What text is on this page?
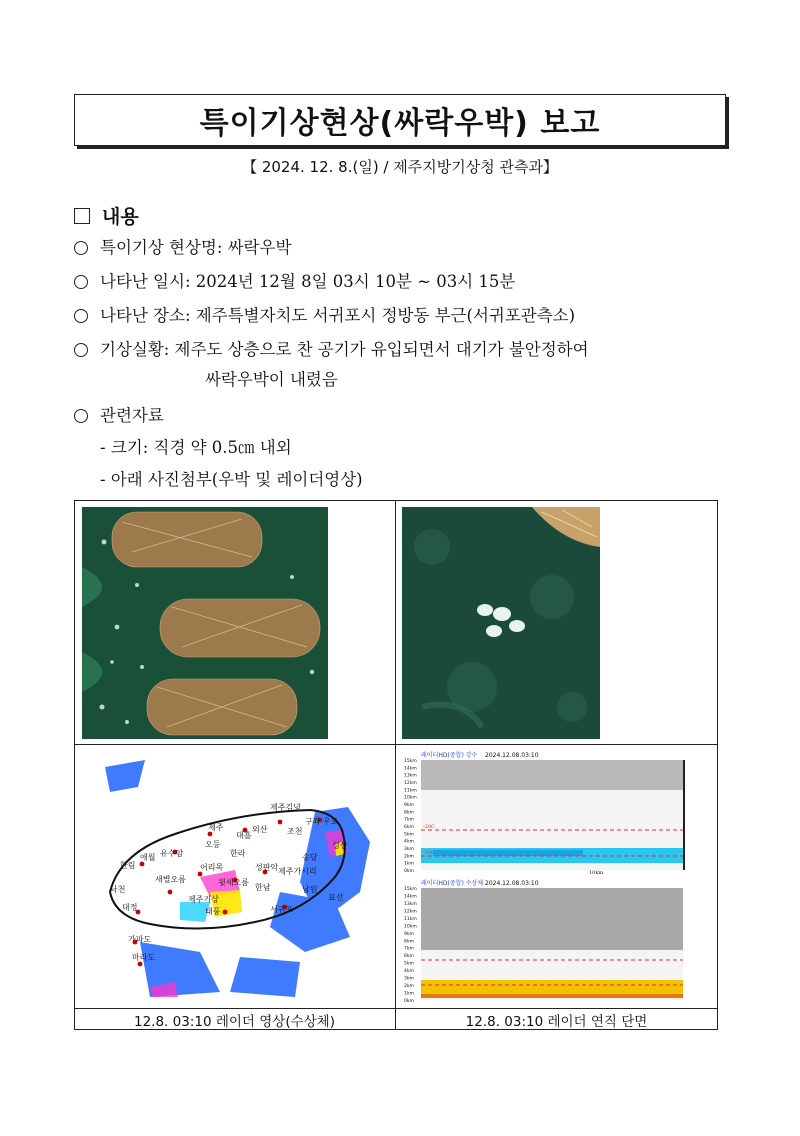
특이기상현상(싸락우박) 보고
【 2024. 12. 8.(일) / 제주지방기상청 관측과】
내용
특이기상 현상명: 싸락우박
나타난 일시: 2024년 12월 8일 03시 10분 ~ 03시 15분
나타난 장소: 제주특별자치도 서귀포시 정방동 부근(서귀포관측소)
기상실황: 제주도 상층으로 찬 공기가 유입되면서 대기가 불안정하여
싸락우박이 내렸음
관련자료
- 크기: 직경 약 0.5㎝ 내외
- 아래 사진첨부(우박 및 레이더영상)
제주김녕
구좌 우도
성산
제주
애월
대흘
외산 조천
오등
송당
한라
유수암
한림	어리목	성판악 제주가시리
새별오름	윗세오름
남원
낙천
표선
한남
제주기상
대정	태풍	서귀포
가파도
마라도
레이더HD(중합) 강수 2024.12.08.03:10
-20C
-10C
10km
레이더HD(중합) 수상체 2024.12.08.03:10
15km
15km
14km
14km
13km
13km
12km
12km
11km
11km
10km
10km
9km
9km
8km
8km
7km
7km
6km
6km
5km
5km
4km
4km
3km
3km
2km
2km
1km
1km
0km
0km
12.8. 03:10 레이더 영상(수상체)	12.8. 03:10 레이더 연직 단면
